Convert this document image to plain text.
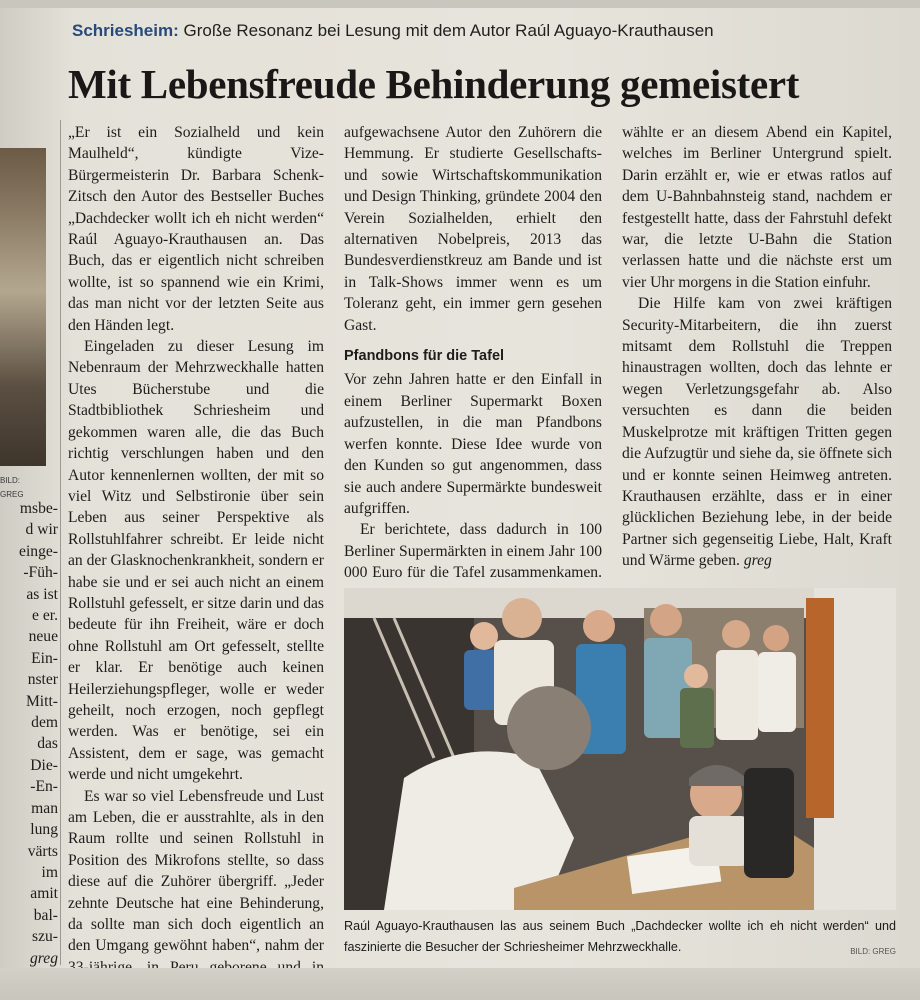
BILD: GREG
msbe-
d wir
einge-
-Füh-
as ist
e er.
neue
Ein-
nster
Mitt-
dem
das
Die-
-En-
man
lung
värts
im
amit
bal-
szu-
greg
Schriesheim: Große Resonanz bei Lesung mit dem Autor Raúl Aguayo-Krauthausen
Mit Lebensfreude Behinderung gemeistert

„Er ist ein Sozialheld und kein Maulheld“, kündigte Vize-Bürgermeisterin Dr. Barbara Schenk-Zitsch den Autor des Bestseller Buches „Dachdecker wollt ich eh nicht werden“ Raúl Aguayo-Krauthausen an. Das Buch, das er eigentlich nicht schreiben wollte, ist so spannend wie ein Krimi, das man nicht vor der letzten Seite aus den Händen legt.

Eingeladen zu dieser Lesung im Nebenraum der Mehrzweckhalle hatten Utes Bücherstube und die Stadtbibliothek Schriesheim und gekommen waren alle, die das Buch richtig verschlungen haben und den Autor kennenlernen wollten, der mit so viel Witz und Selbstironie über sein Leben aus seiner Perspektive als Rollstuhlfahrer schreibt. Er leide nicht an der Glasknochenkrankheit, sondern er habe sie und er sei auch nicht an einem Rollstuhl gefesselt, er sitze darin und das bedeute für ihn Freiheit, wäre er doch ohne Rollstuhl am Ort gefesselt, stellte er klar. Er benötige auch keinen Heilerziehungspfleger, wolle er weder geheilt, noch erzogen, noch gepflegt werden. Was er benötige, sei ein Assistent, dem er sage, was gemacht werde und nicht umgekehrt.

Es war so viel Lebensfreude und Lust am Leben, die er ausstrahlte, als in den Raum rollte und seinen Rollstuhl in Position des Mikrofons stellte, so dass diese auf die Zuhörer übergriff. „Jeder zehnte Deutsche hat eine Behinderung, da sollte man sich doch eigentlich an den Umgang gewöhnt haben“, nahm der

aufgewachsene Autor den Zuhörern die Hemmung. Er studierte Gesellschafts- und sowie Wirtschaftskommunikation und Design Thinking, gründete 2004 den Verein Sozialhelden, erhielt den alternativen Nobelpreis, 2013 das Bundesverdienstkreuz am Bande und ist in Talk-Shows immer wenn es um Toleranz geht, ein immer gern gesehen Gast.

Pfandbons für die Tafel

Vor zehn Jahren hatte er den Einfall in einem Berliner Supermarkt Boxen aufzustellen, in die man Pfandbons werfen konnte. Diese Idee wurde von den Kunden so gut angenommen, dass sie auch andere Supermärkte bundesweit aufgriffen.

Er berichtete, dass dadurch in 100 Berliner Supermärkten in einem Jahr 100 000 Euro für die Tafel zusammenkamen.

wählte er an diesem Abend ein Kapitel, welches im Berliner Untergrund spielt. Darin erzählt er, wie er etwas ratlos auf dem U-Bahnbahnsteig stand, nachdem er festgestellt hatte, dass der Fahrstuhl defekt war, die letzte U-Bahn die Station verlassen hatte und die nächste erst um vier Uhr morgens in die Station einfuhr.

Die Hilfe kam von zwei kräftigen Security-Mitarbeitern, die ihn zuerst mitsamt dem Rollstuhl die Treppen hinaustragen wollten, doch das lehnte er wegen Verletzungsgefahr ab. Also versuchten es dann die beiden Muskelprotze mit kräftigen Tritten gegen die Aufzugtür und siehe da, sie öffnete sich und er konnte seinen Heimweg antreten. Krauthausen erzählte, dass er in einer glücklichen Beziehung lebe, in der beide Partner sich gegenseitig Liebe, Halt, Kraft und Wärme geben. greg

Raúl Aguayo-Krauthausen las aus seinem Buch „Dachdecker wollte ich eh nicht werden“ und faszinierte die Besucher der Schriesheimer Mehrzweckhalle.	BILD: GREG
